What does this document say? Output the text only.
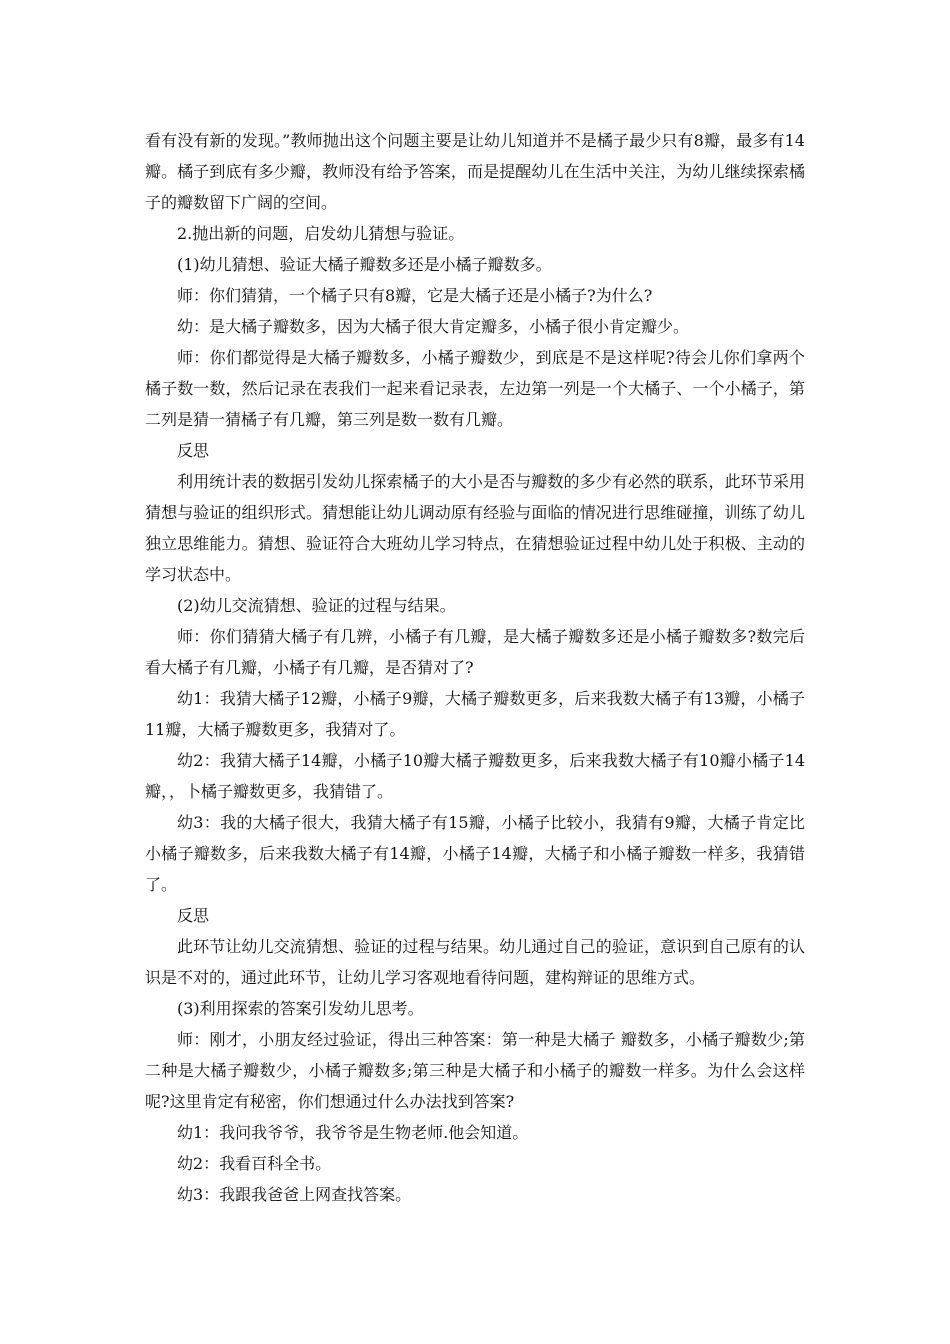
看有没有新的发现。”教师抛出这个问题主要是让幼儿知道并不是橘子最少只有8瓣，最多有14瓣。橘子到底有多少瓣，教师没有给予答案，而是提醒幼儿在生活中关注，为幼儿继续探索橘子的瓣数留下广阔的空间。

2.抛出新的问题，启发幼儿猜想与验证。

(1)幼儿猜想、验证大橘子瓣数多还是小橘子瓣数多。

师：你们猜猜，一个橘子只有8瓣，它是大橘子还是小橘子?为什么?

幼：是大橘子瓣数多，因为大橘子很大肯定瓣多，小橘子很小肯定瓣少。

师：你们都觉得是大橘子瓣数多，小橘子瓣数少，到底是不是这样呢?待会儿你们拿两个橘子数一数，然后记录在表我们一起来看记录表，左边第一列是一个大橘子、一个小橘子，第二列是猜一猜橘子有几瓣，第三列是数一数有几瓣。

反思

利用统计表的数据引发幼儿探索橘子的大小是否与瓣数的多少有必然的联系，此环节采用猜想与验证的组织形式。猜想能让幼儿调动原有经验与面临的情况进行思维碰撞，训练了幼儿独立思维能力。猜想、验证符合大班幼儿学习特点，在猜想验证过程中幼儿处于积极、主动的学习状态中。

(2)幼儿交流猜想、验证的过程与结果。

师：你们猜猜大橘子有几辨，小橘子有几瓣，是大橘子瓣数多还是小橘子瓣数多?数完后看大橘子有几瓣，小橘子有几瓣，是否猜对了?

幼1：我猜大橘子12瓣，小橘子9瓣，大橘子瓣数更多，后来我数大橘子有13瓣，小橘子11瓣，大橘子瓣数更多，我猜对了。

幼2：我猜大橘子14瓣，小橘子10瓣大橘子瓣数更多，后来我数大橘子有10瓣小橘子14瓣，，卜橘子瓣数更多，我猜错了。

幼3：我的大橘子很大，我猜大橘子有15瓣，小橘子比较小，我猜有9瓣，大橘子肯定比小橘子瓣数多，后来我数大橘子有14瓣，小橘子14瓣，大橘子和小橘子瓣数一样多，我猜错了。

反思

此环节让幼儿交流猜想、验证的过程与结果。幼儿通过自己的验证，意识到自己原有的认识是不对的，通过此环节，让幼儿学习客观地看待问题，建构辩证的思维方式。

(3)利用探索的答案引发幼儿思考。

师：刚才，小朋友经过验证，得出三种答案：第一种是大橘子 瓣数多，小橘子瓣数少;第二种是大橘子瓣数少，小橘子瓣数多;第三种是大橘子和小橘子的瓣数一样多。为什么会这样呢?这里肯定有秘密，你们想通过什么办法找到答案?

幼1：我问我爷爷，我爷爷是生物老师.他会知道。

幼2：我看百科全书。

幼3：我跟我爸爸上网查找答案。
